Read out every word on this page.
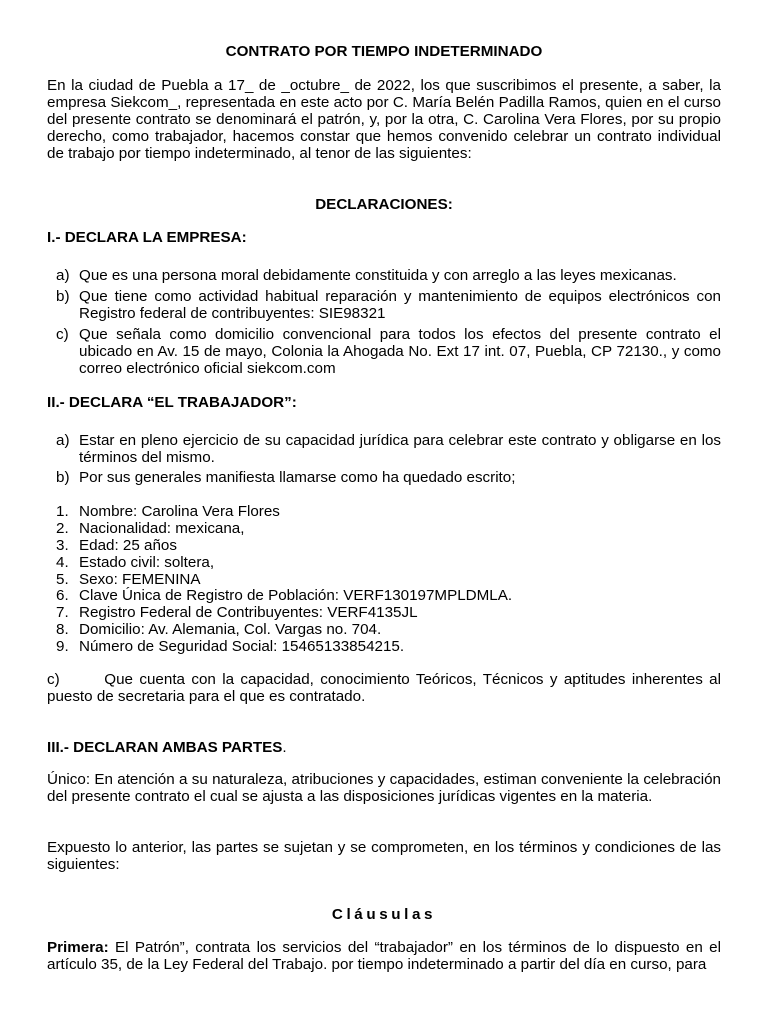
CONTRATO POR TIEMPO INDETERMINADO
En la ciudad de Puebla a 17_ de _octubre_ de 2022, los que suscribimos el presente, a saber, la empresa Siekcom_, representada en este acto por C. María Belén Padilla Ramos, quien en el curso del presente contrato se denominará el patrón, y, por la otra, C. Carolina Vera Flores, por su propio derecho, como trabajador, hacemos constar que hemos convenido celebrar un contrato individual de trabajo por tiempo indeterminado, al tenor de las siguientes:
DECLARACIONES:
I.- DECLARA LA EMPRESA:
a) Que es una persona moral debidamente constituida y con arreglo a las leyes mexicanas.
b) Que tiene como actividad habitual reparación y mantenimiento de equipos electrónicos con Registro federal de contribuyentes: SIE98321
c) Que señala como domicilio convencional para todos los efectos del presente contrato el ubicado en Av. 15 de mayo, Colonia la Ahogada No. Ext 17 int. 07, Puebla, CP 72130., y como correo electrónico oficial siekcom.com
II.- DECLARA “EL TRABAJADOR”:
a) Estar en pleno ejercicio de su capacidad jurídica para celebrar este contrato y obligarse en los términos del mismo.
b) Por sus generales manifiesta llamarse como ha quedado escrito;
1. Nombre: Carolina Vera Flores
2. Nacionalidad: mexicana,
3. Edad: 25 años
4. Estado civil: soltera,
5. Sexo: FEMENINA
6. Clave Única de Registro de Población: VERF130197MPLDMLA.
7. Registro Federal de Contribuyentes: VERF4135JL
8. Domicilio: Av. Alemania, Col. Vargas no. 704.
9. Número de Seguridad Social: 15465133854215.
c)       Que cuenta con la capacidad, conocimiento Teóricos, Técnicos y aptitudes inherentes al puesto de secretaria para el que es contratado.
III.- DECLARAN AMBAS PARTES.
Único: En atención a su naturaleza, atribuciones y capacidades, estiman conveniente la celebración del presente contrato el cual se ajusta a las disposiciones jurídicas vigentes en la materia.
Expuesto lo anterior, las partes se sujetan y se comprometen, en los términos y condiciones de las siguientes:
Cláusulas
Primera: El Patrón”, contrata los servicios del “trabajador” en los términos de lo dispuesto en el artículo 35, de la Ley Federal del Trabajo. por tiempo indeterminado a partir del día en curso, para
